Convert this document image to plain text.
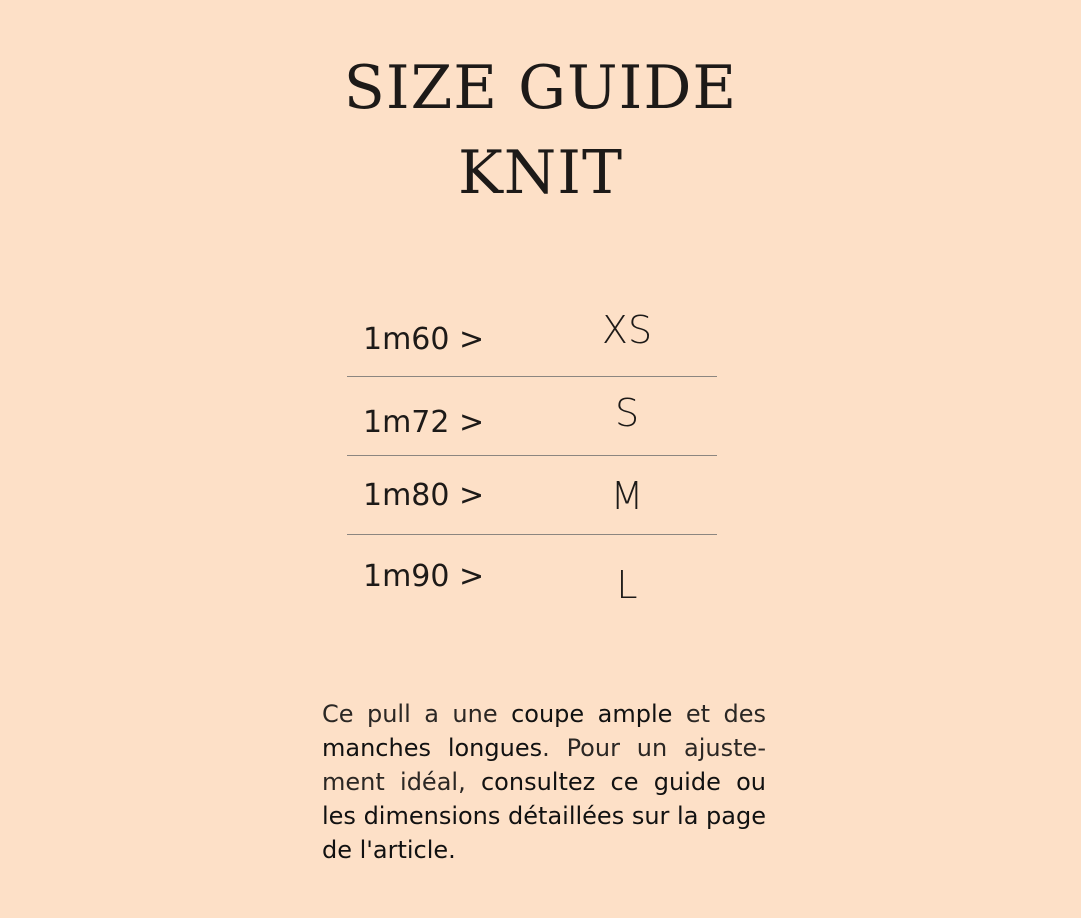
SIZE GUIDE
KNIT
1m60 >	XS
1m72 >	S
1m80 >	M
1m90 >	L

Ce pull a une coupe ample et des manches longues. Pour un ajuste-ment idéal, consultez ce guide ou les dimensions détaillées sur la page de l'article.
